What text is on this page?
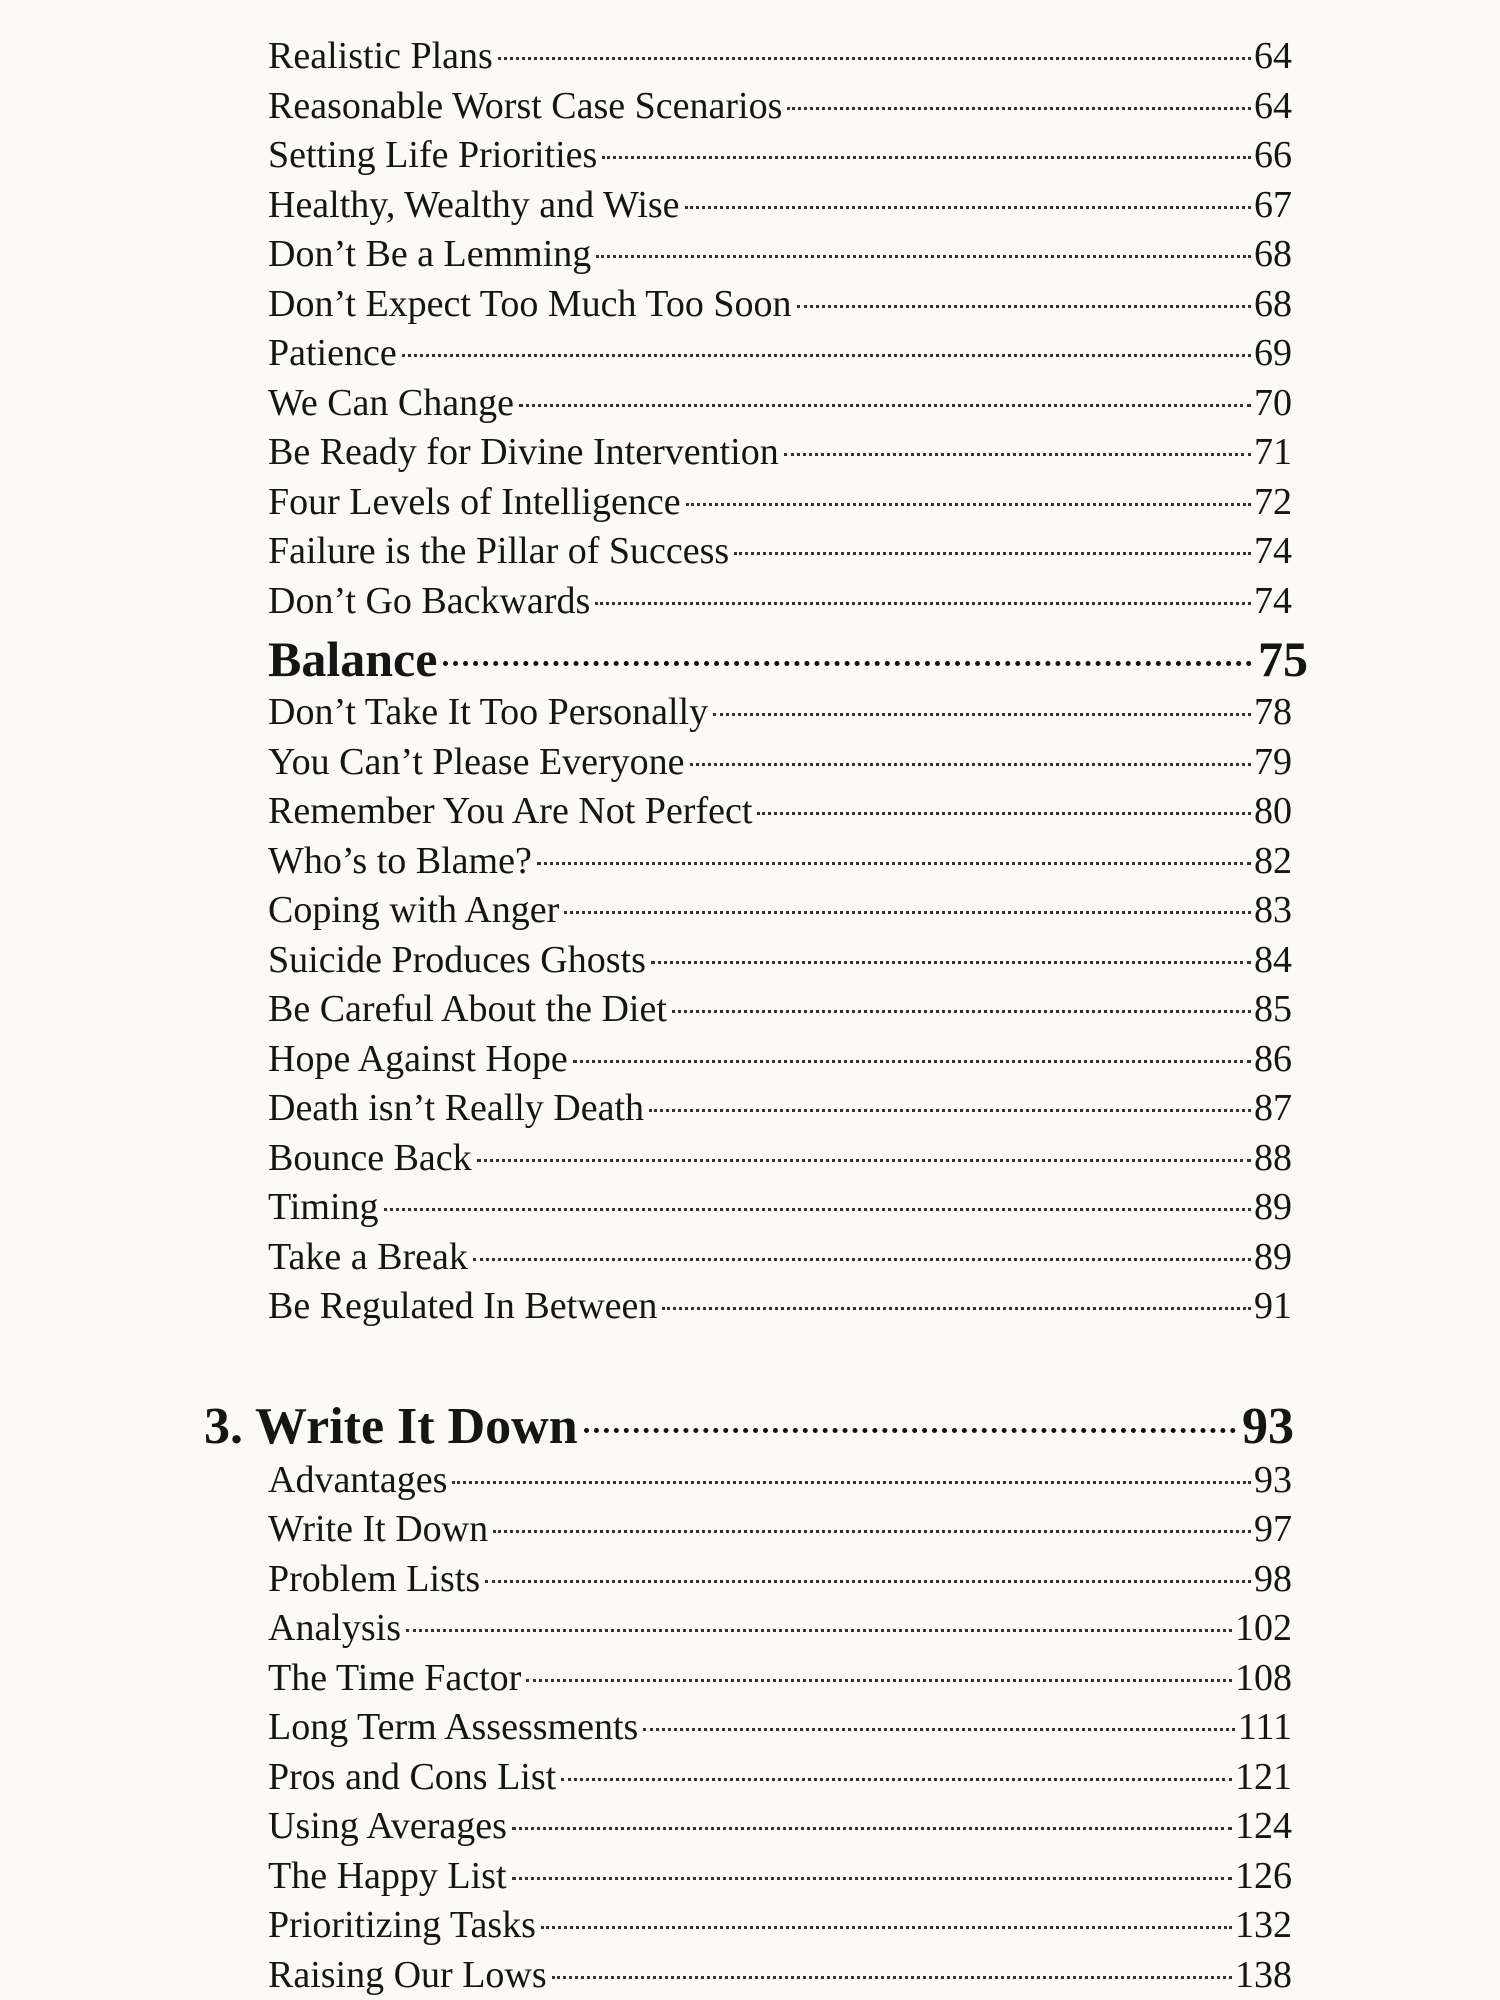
Realistic Plans	64
Reasonable Worst Case Scenarios	64
Setting Life Priorities	66
Healthy, Wealthy and Wise	67
Don’t Be a Lemming	68
Don’t Expect Too Much Too Soon	68
Patience	69
We Can Change	70
Be Ready for Divine Intervention	71
Four Levels of Intelligence	72
Failure is the Pillar of Success	74
Don’t Go Backwards	74
Balance	75
Don’t Take It Too Personally	78
You Can’t Please Everyone	79
Remember You Are Not Perfect	80
Who’s to Blame?	82
Coping with Anger	83
Suicide Produces Ghosts	84
Be Careful About the Diet	85
Hope Against Hope	86
Death isn’t Really Death	87
Bounce Back	88
Timing	89
Take a Break	89
Be Regulated In Between	91
3. Write It Down	93
Advantages	93
Write It Down	97
Problem Lists	98
Analysis	102
The Time Factor	108
Long Term Assessments	111
Pros and Cons List	121
Using Averages	124
The Happy List	126
Prioritizing Tasks	132
Raising Our Lows	138
